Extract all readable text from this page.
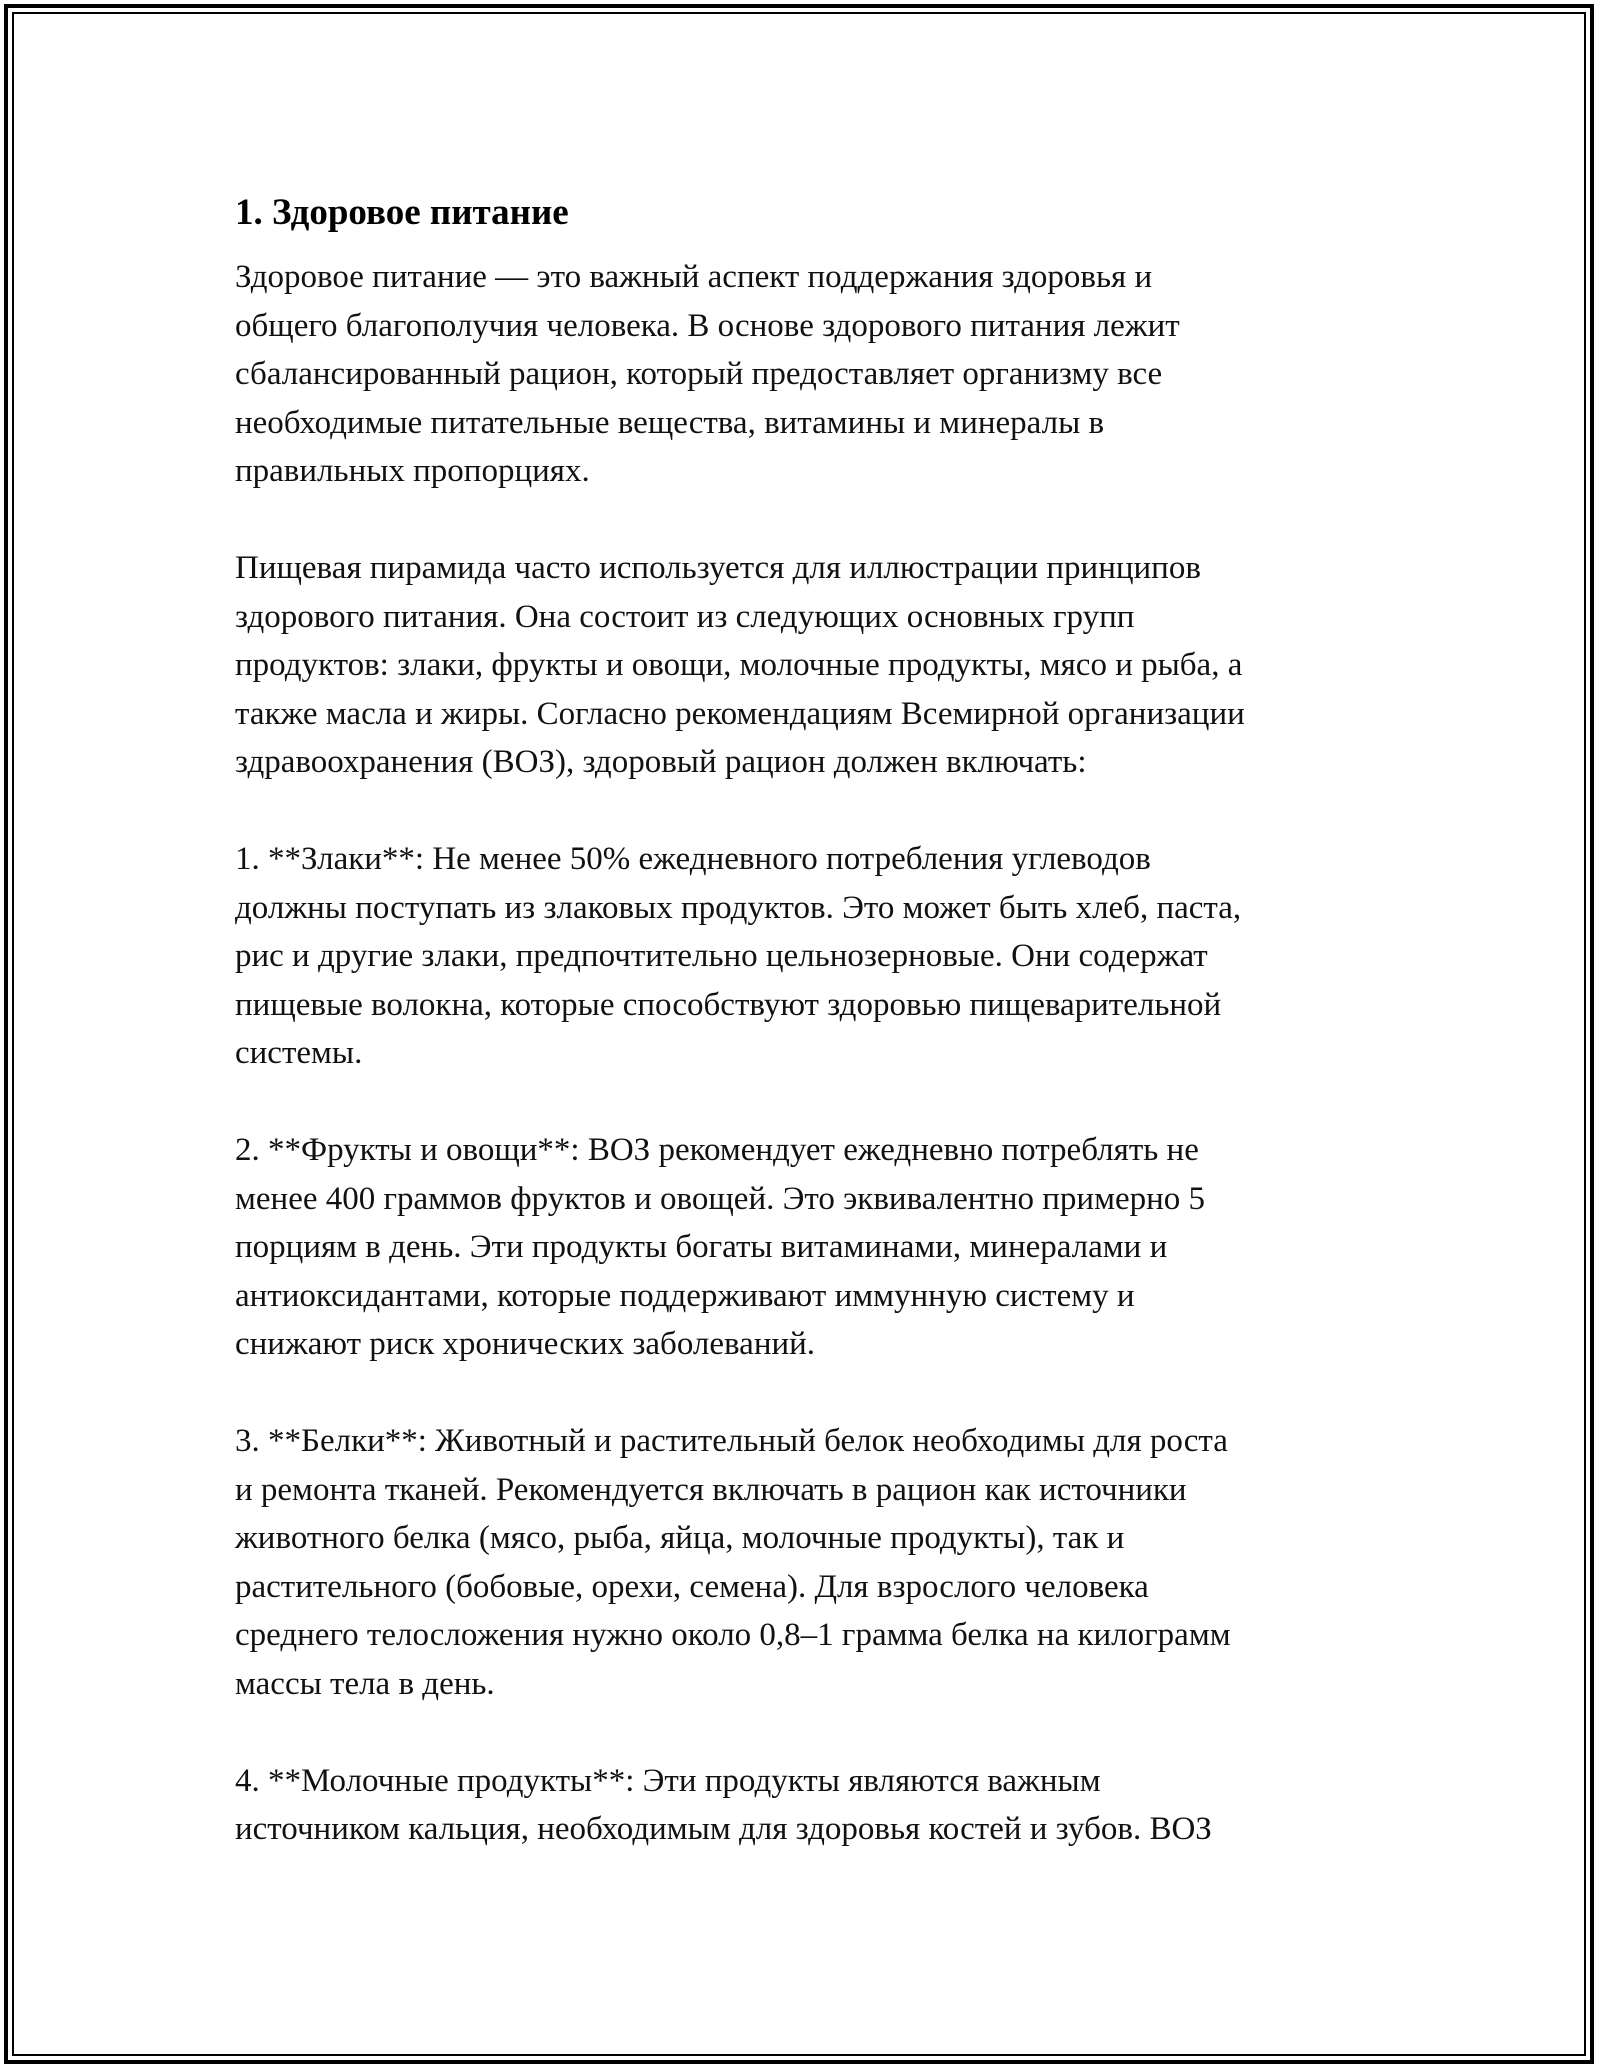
1. Здоровое питание

Здоровое питание — это важный аспект поддержания здоровья и
общего благополучия человека. В основе здорового питания лежит
сбалансированный рацион, который предоставляет организму все
необходимые питательные вещества, витамины и минералы в
правильных пропорциях.

Пищевая пирамида часто используется для иллюстрации принципов
здорового питания. Она состоит из следующих основных групп
продуктов: злаки, фрукты и овощи, молочные продукты, мясо и рыба, а
также масла и жиры. Согласно рекомендациям Всемирной организации
здравоохранения (ВОЗ), здоровый рацион должен включать:

1. **Злаки**: Не менее 50% ежедневного потребления углеводов
должны поступать из злаковых продуктов. Это может быть хлеб, паста,
рис и другие злаки, предпочтительно цельнозерновые. Они содержат
пищевые волокна, которые способствуют здоровью пищеварительной
системы.

2. **Фрукты и овощи**: ВОЗ рекомендует ежедневно потреблять не
менее 400 граммов фруктов и овощей. Это эквивалентно примерно 5
порциям в день. Эти продукты богаты витаминами, минералами и
антиоксидантами, которые поддерживают иммунную систему и
снижают риск хронических заболеваний.

3. **Белки**: Животный и растительный белок необходимы для роста
и ремонта тканей. Рекомендуется включать в рацион как источники
животного белка (мясо, рыба, яйца, молочные продукты), так и
растительного (бобовые, орехи, семена). Для взрослого человека
среднего телосложения нужно около 0,8–1 грамма белка на килограмм
массы тела в день.

4. **Молочные продукты**: Эти продукты являются важным
источником кальция, необходимым для здоровья костей и зубов. ВОЗ
